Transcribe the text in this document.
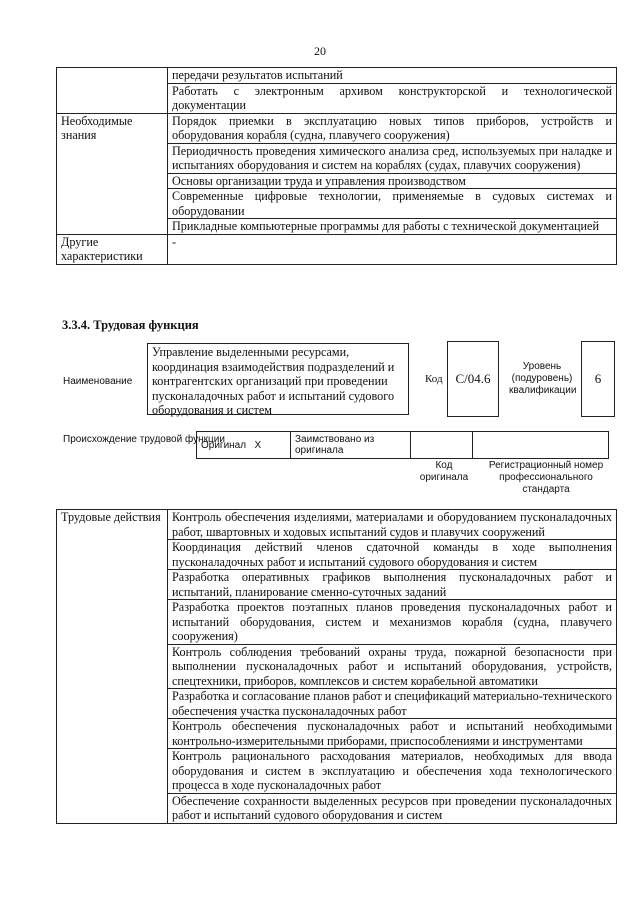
20
	передачи результатов испытаний
	Работать с электронным архивом конструкторской и технологической документации
Необходимые знания	Порядок приемки в эксплуатацию новых типов приборов, устройств и оборудования корабля (судна, плавучего сооружения)
	Периодичность проведения химического анализа сред, используемых при наладке и испытаниях оборудования и систем на кораблях (судах, плавучих сооружения)
	Основы организации труда и управления производством
	Современные цифровые технологии, применяемые в судовых системах и оборудовании
	Прикладные компьютерные программы для работы с технической документацией
Другие характеристики	-
3.3.4. Трудовая функция
Наименование
Управление выделенными ресурсами, координация взаимодействия подразделений и контрагентских организаций при проведении пусконаладочных работ и испытаний судового оборудования и систем
Код C/04.6
Уровень (подуровень) квалификации
6
Происхождение трудовой функции
Оригинал	X	Заимствовано из оригинала		
Код оригинала
Регистрационный номер профессионального стандарта
Трудовые действия	Контроль обеспечения изделиями, материалами и оборудованием пусконаладочных работ, швартовных и ходовых испытаний судов и плавучих сооружений
Координация действий членов сдаточной команды в ходе выполнения пусконаладочных работ и испытаний судового оборудования и систем
Разработка оперативных графиков выполнения пусконаладочных работ и испытаний, планирование сменно-суточных заданий
Разработка проектов поэтапных планов проведения пусконаладочных работ и испытаний оборудования, систем и механизмов корабля (судна, плавучего сооружения)
Контроль соблюдения требований охраны труда, пожарной безопасности при выполнении пусконаладочных работ и испытаний оборудования, устройств, спецтехники, приборов, комплексов и систем корабельной автоматики
Разработка и согласование планов работ и спецификаций материально-технического обеспечения участка пусконаладочных работ
Контроль обеспечения пусконаладочных работ и испытаний необходимыми контрольно-измерительными приборами, приспособлениями и инструментами
Контроль рационального расходования материалов, необходимых для ввода оборудования и систем в эксплуатацию и обеспечения хода технологического процесса в ходе пусконаладочных работ
Обеспечение сохранности выделенных ресурсов при проведении пусконаладочных работ и испытаний судового оборудования и систем
